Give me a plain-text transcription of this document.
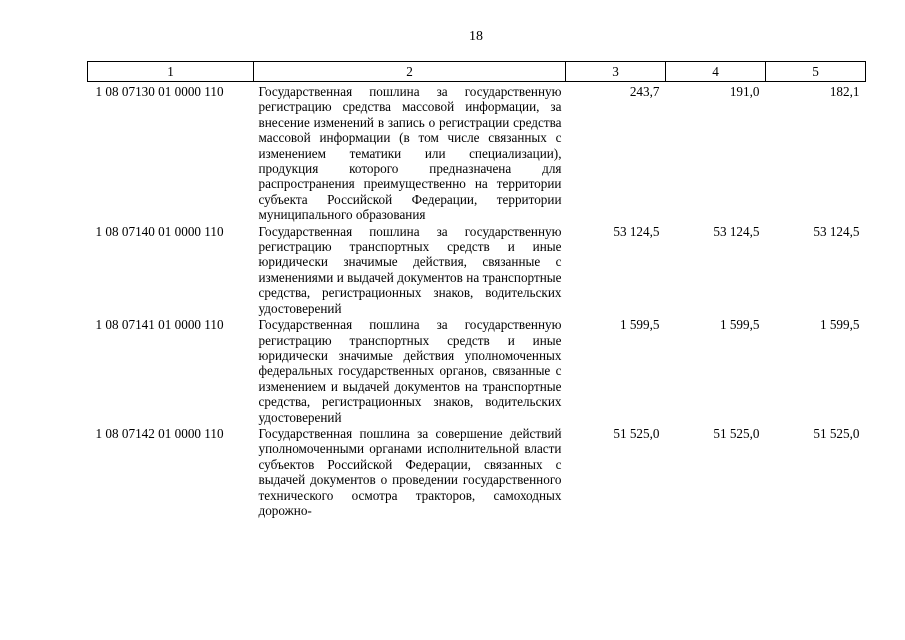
18
1	2	3	4	5
1 08 07130 01 0000 110	Государственная пошлина за государственную регистрацию средства массовой информации, за внесение изменений в запись о регистрации средства массовой информации (в том числе связанных с изменением тематики или специализации), продукция которого предназначена для распространения преимущественно на территории субъекта Российской Федерации, территории муниципального образования	243,7	191,0	182,1
1 08 07140 01 0000 110	Государственная пошлина за государственную регистрацию транспортных средств и иные юридически значимые действия, связанные с изменениями и выдачей документов на транспортные средства, регистрационных знаков, водительских удостоверений	53 124,5	53 124,5	53 124,5
1 08 07141 01 0000 110	Государственная пошлина за государственную регистрацию транспортных средств и иные юридически значимые действия уполномоченных федеральных государственных органов, связанные с изменением и выдачей документов на транспортные средства, регистрационных знаков, водительских удостоверений	1 599,5	1 599,5	1 599,5
1 08 07142 01 0000 110	Государственная пошлина за совершение действий уполномоченными органами исполнительной власти субъектов Российской Федерации, связанных с выдачей документов о проведении государственного технического осмотра тракторов, самоходных дорожно-	51 525,0	51 525,0	51 525,0
